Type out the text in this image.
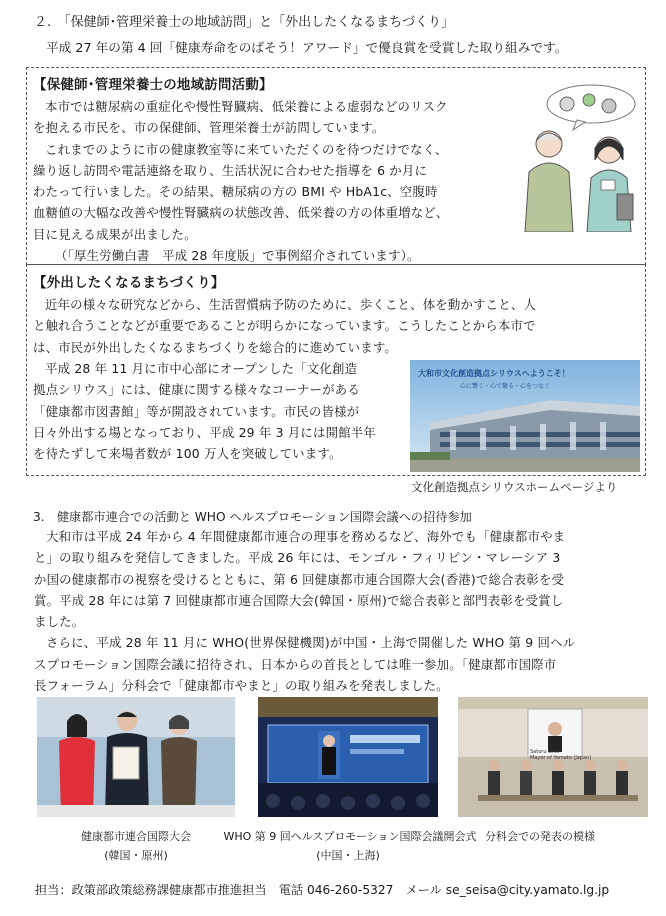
２.　「保健師･管理栄養士の地域訪問」と「外出したくなるまちづくり」
平成 27 年の第 4 回「健康寿命をのばそう！アワード」で優良賞を受賞した取り組みです。
【保健師･管理栄養士の地域訪問活動】

本市では糖尿病の重症化や慢性腎臓病、低栄養による虚弱などのリスク

を抱える市民を、市の保健師、管理栄養士が訪問しています。

これまでのように市の健康教室等に来ていただくのを待つだけでなく、

繰り返し訪問や電話連絡を取り、生活状況に合わせた指導を 6 か月に

わたって行いました。その結果、糖尿病の方の BMI や HbA1c、空腹時

血糖値の大幅な改善や慢性腎臓病の状態改善、低栄養の方の体重増など、

目に見える成果が出ました。

（「厚生労働白書　平成 28 年度版」で事例紹介されています）。

【外出したくなるまちづくり】

近年の様々な研究などから、生活習慣病予防のために、歩くこと、体を動かすこと、人

と触れ合うことなどが重要であることが明らかになっています。こうしたことから本市で

は、市民が外出したくなるまちづくりを総合的に進めています。

平成 28 年 11 月に市中心部にオープンした「文化創造

拠点シリウス」には、健康に関する様々なコーナーがある

「健康都市図書館」等が開設されています。市民の皆様が

日々外出する場となっており、平成 29 年 3 月には開館半年

を待たずして来場者数が 100 万人を突破しています。

大和市文化創造拠点シリウスへようこそ！
心に響く・心で繋る・心をつなぐ
文化創造拠点シリウスホームページより
3.　健康都市連合での活動と WHO ヘルスプロモーション国際会議への招待参加

大和市は平成 24 年から 4 年間健康都市連合の理事を務めるなど、海外でも「健康都市やま

と」の取り組みを発信してきました。平成 26 年には、モンゴル・フィリピン・マレーシア 3

か国の健康都市の視察を受けるとともに、第 6 回健康都市連合国際大会(香港)で総合表彰を受

賞。平成 28 年には第 7 回健康都市連合国際大会(韓国・原州)で総合表彰と部門表彰を受賞し

ました。

さらに、平成 28 年 11 月に WHO(世界保健機関)が中国・上海で開催した WHO 第 9 回ヘル

スプロモーション国際会議に招待され、日本からの首長としては唯一参加。「健康都市国際市

長フォーラム」分科会で「健康都市やまと」の取り組みを発表しました。

健康都市連合国際大会
(韓国・原州)
WHO 第 9 回ヘルスプロモーション国際会議開会式
(中国・上海)
Satoru Ohki
Mayor of Yamato (Japan)
分科会での発表の模様
担当：政策部政策総務課健康都市推進担当　電話 046-260-5327　メール se_seisa@city.yamato.lg.jp
